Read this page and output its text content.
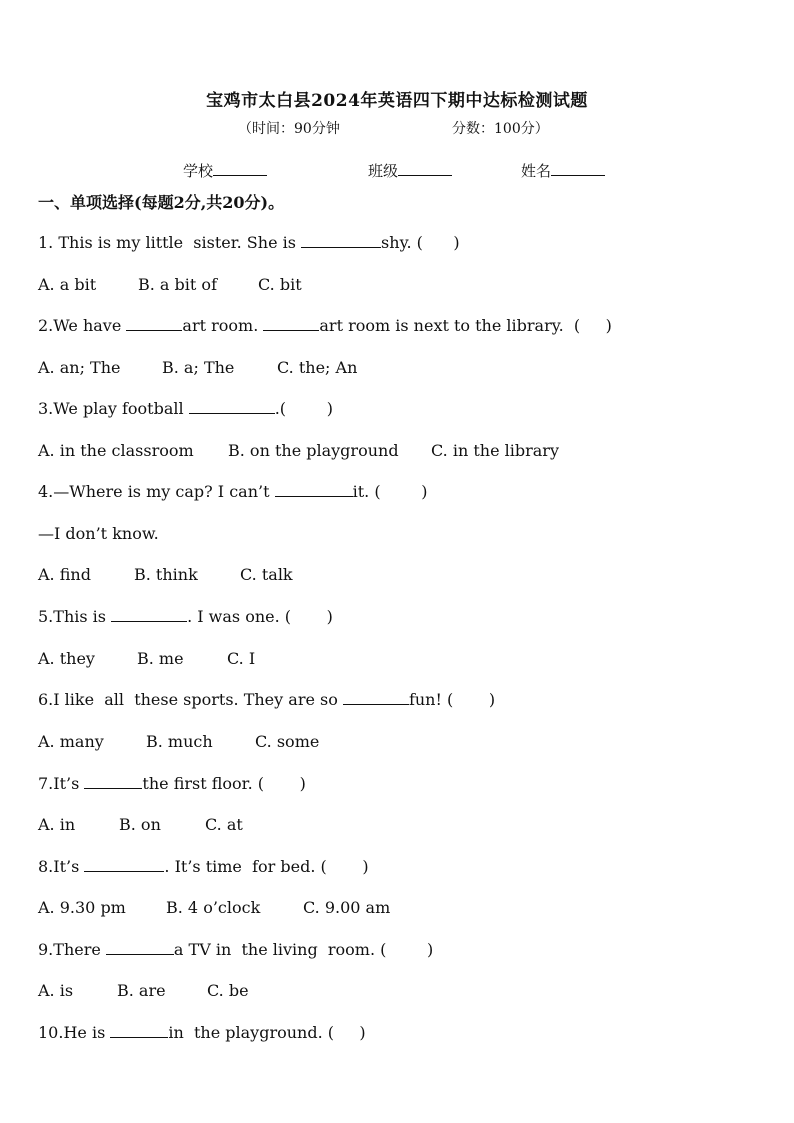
宝鸡市太白县2024年英语四下期中达标检测试题
（时间：90分钟	分数：100分）
学校	班级	姓名
一、单项选择(每题2分,共20分)。
1. This is my little  sister. She is	shy. (      )
A. a bit	B. a bit of	C. bit
2.We have	art room.	art room is next to the library.  (     )
A. an; The	B. a; The	C. the; An
3.We play football	.(        )
A. in the classroom B. on the playground C. in the library
4.—Where is my cap? I can’t	it. (        )
—I don’t know.
A. find	B. think	C. talk
5.This is	. I was one. (       )
A. they	B. me	C. I
6.I like  all  these sports. They are so	fun! (       )
A. many	B. much	C. some
7.It’s	the first floor. (       )
A. in	B. on	C. at
8.It’s	. It’s time  for bed. (       )
A. 9.30 pm	B. 4 o’clock	C. 9.00 am
9.There	a TV in  the living  room. (        )
A. is	B. are	C. be
10.He is	in  the playground. (     )
